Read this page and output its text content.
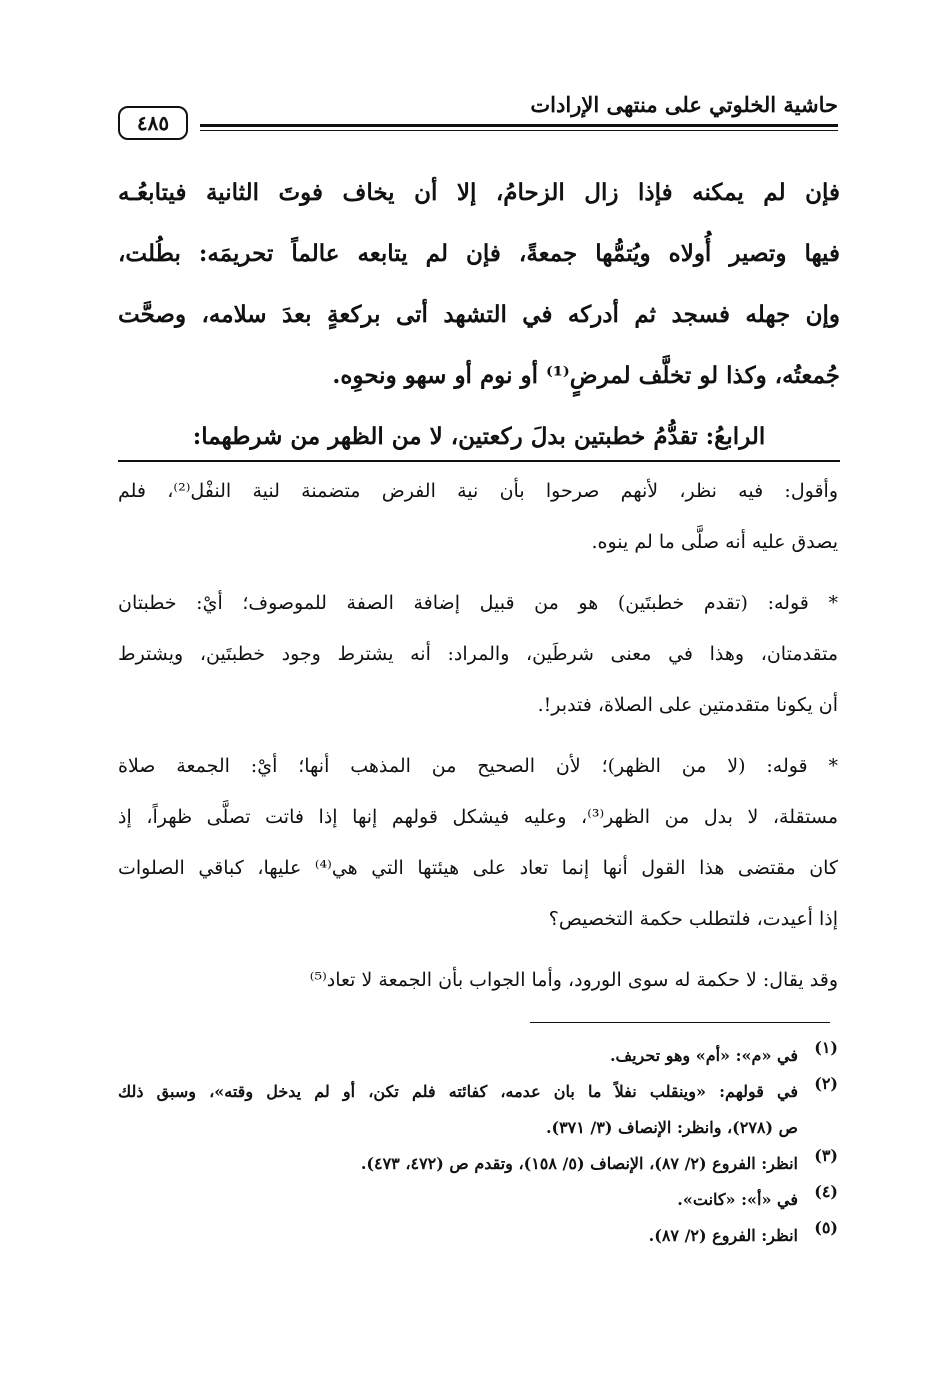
حاشية الخلوتي على منتهى الإرادات
٤٨٥
فإن لم يمكنه فإذا زال الزحامُ، إلا أن يخاف فوتَ الثانية فيتابعُـه
فيها وتصير أُولاه ويُتمُّها جمعةً، فإن لم يتابعه عالماً تحريمَه: بطُلت،
وإن جهله فسجد ثم أدركه في التشهد أتى بركعةٍ بعدَ سلامه، وصحَّت
جُمعتُه، وكذا لو تخلَّف لمرضٍ⁽¹⁾ أو نوم أو سهو ونحوِه.
الرابعُ: تقدُّمُ خطبتين بدلَ ركعتين، لا من الظهر من شرطهما:
وأقول: فيه نظر، لأنهم صرحوا بأن نية الفرض متضمنة لنية النفْل⁽²⁾، فلم
يصدق عليه أنه صلَّى ما لم ينوه.
* قوله: (تقدم خطبتَين) هو من قبيل إضافة الصفة للموصوف؛ أيْ: خطبتان
متقدمتان، وهذا في معنى شرطَين، والمراد: أنه يشترط وجود خطبتَين، ويشترط
أن يكونا متقدمتين على الصلاة، فتدبر!.
* قوله: (لا من الظهر)؛ لأن الصحيح من المذهب أنها؛ أيْ: الجمعة صلاة
مستقلة، لا بدل من الظهر⁽³⁾، وعليه فيشكل قولهم إنها إذا فاتت تصلَّى ظهراً، إذ
كان مقتضى هذا القول أنها إنما تعاد على هيئتها التي هي⁽⁴⁾ عليها، كباقي الصلوات
إذا أعيدت، فلتطلب حكمة التخصيص؟
وقد يقال: لا حكمة له سوى الورود، وأما الجواب بأن الجمعة لا تعاد⁽⁵⁾
(١)
في «م»: «أم» وهو تحريف.
(٢)
في قولهم: «وينقلب نفلاً ما بان عدمه، كفائته فلم تكن، أو لم يدخل وقته»، وسبق ذلك
ص (٢٧٨)، وانظر: الإنصاف (٣/ ٣٧١).
(٣)
انظر: الفروع (٢/ ٨٧)، الإنصاف (٥/ ١٥٨)، وتقدم ص (٤٧٢، ٤٧٣).
(٤)
في «أ»: «كانت».
(٥)
انظر: الفروع (٢/ ٨٧).
